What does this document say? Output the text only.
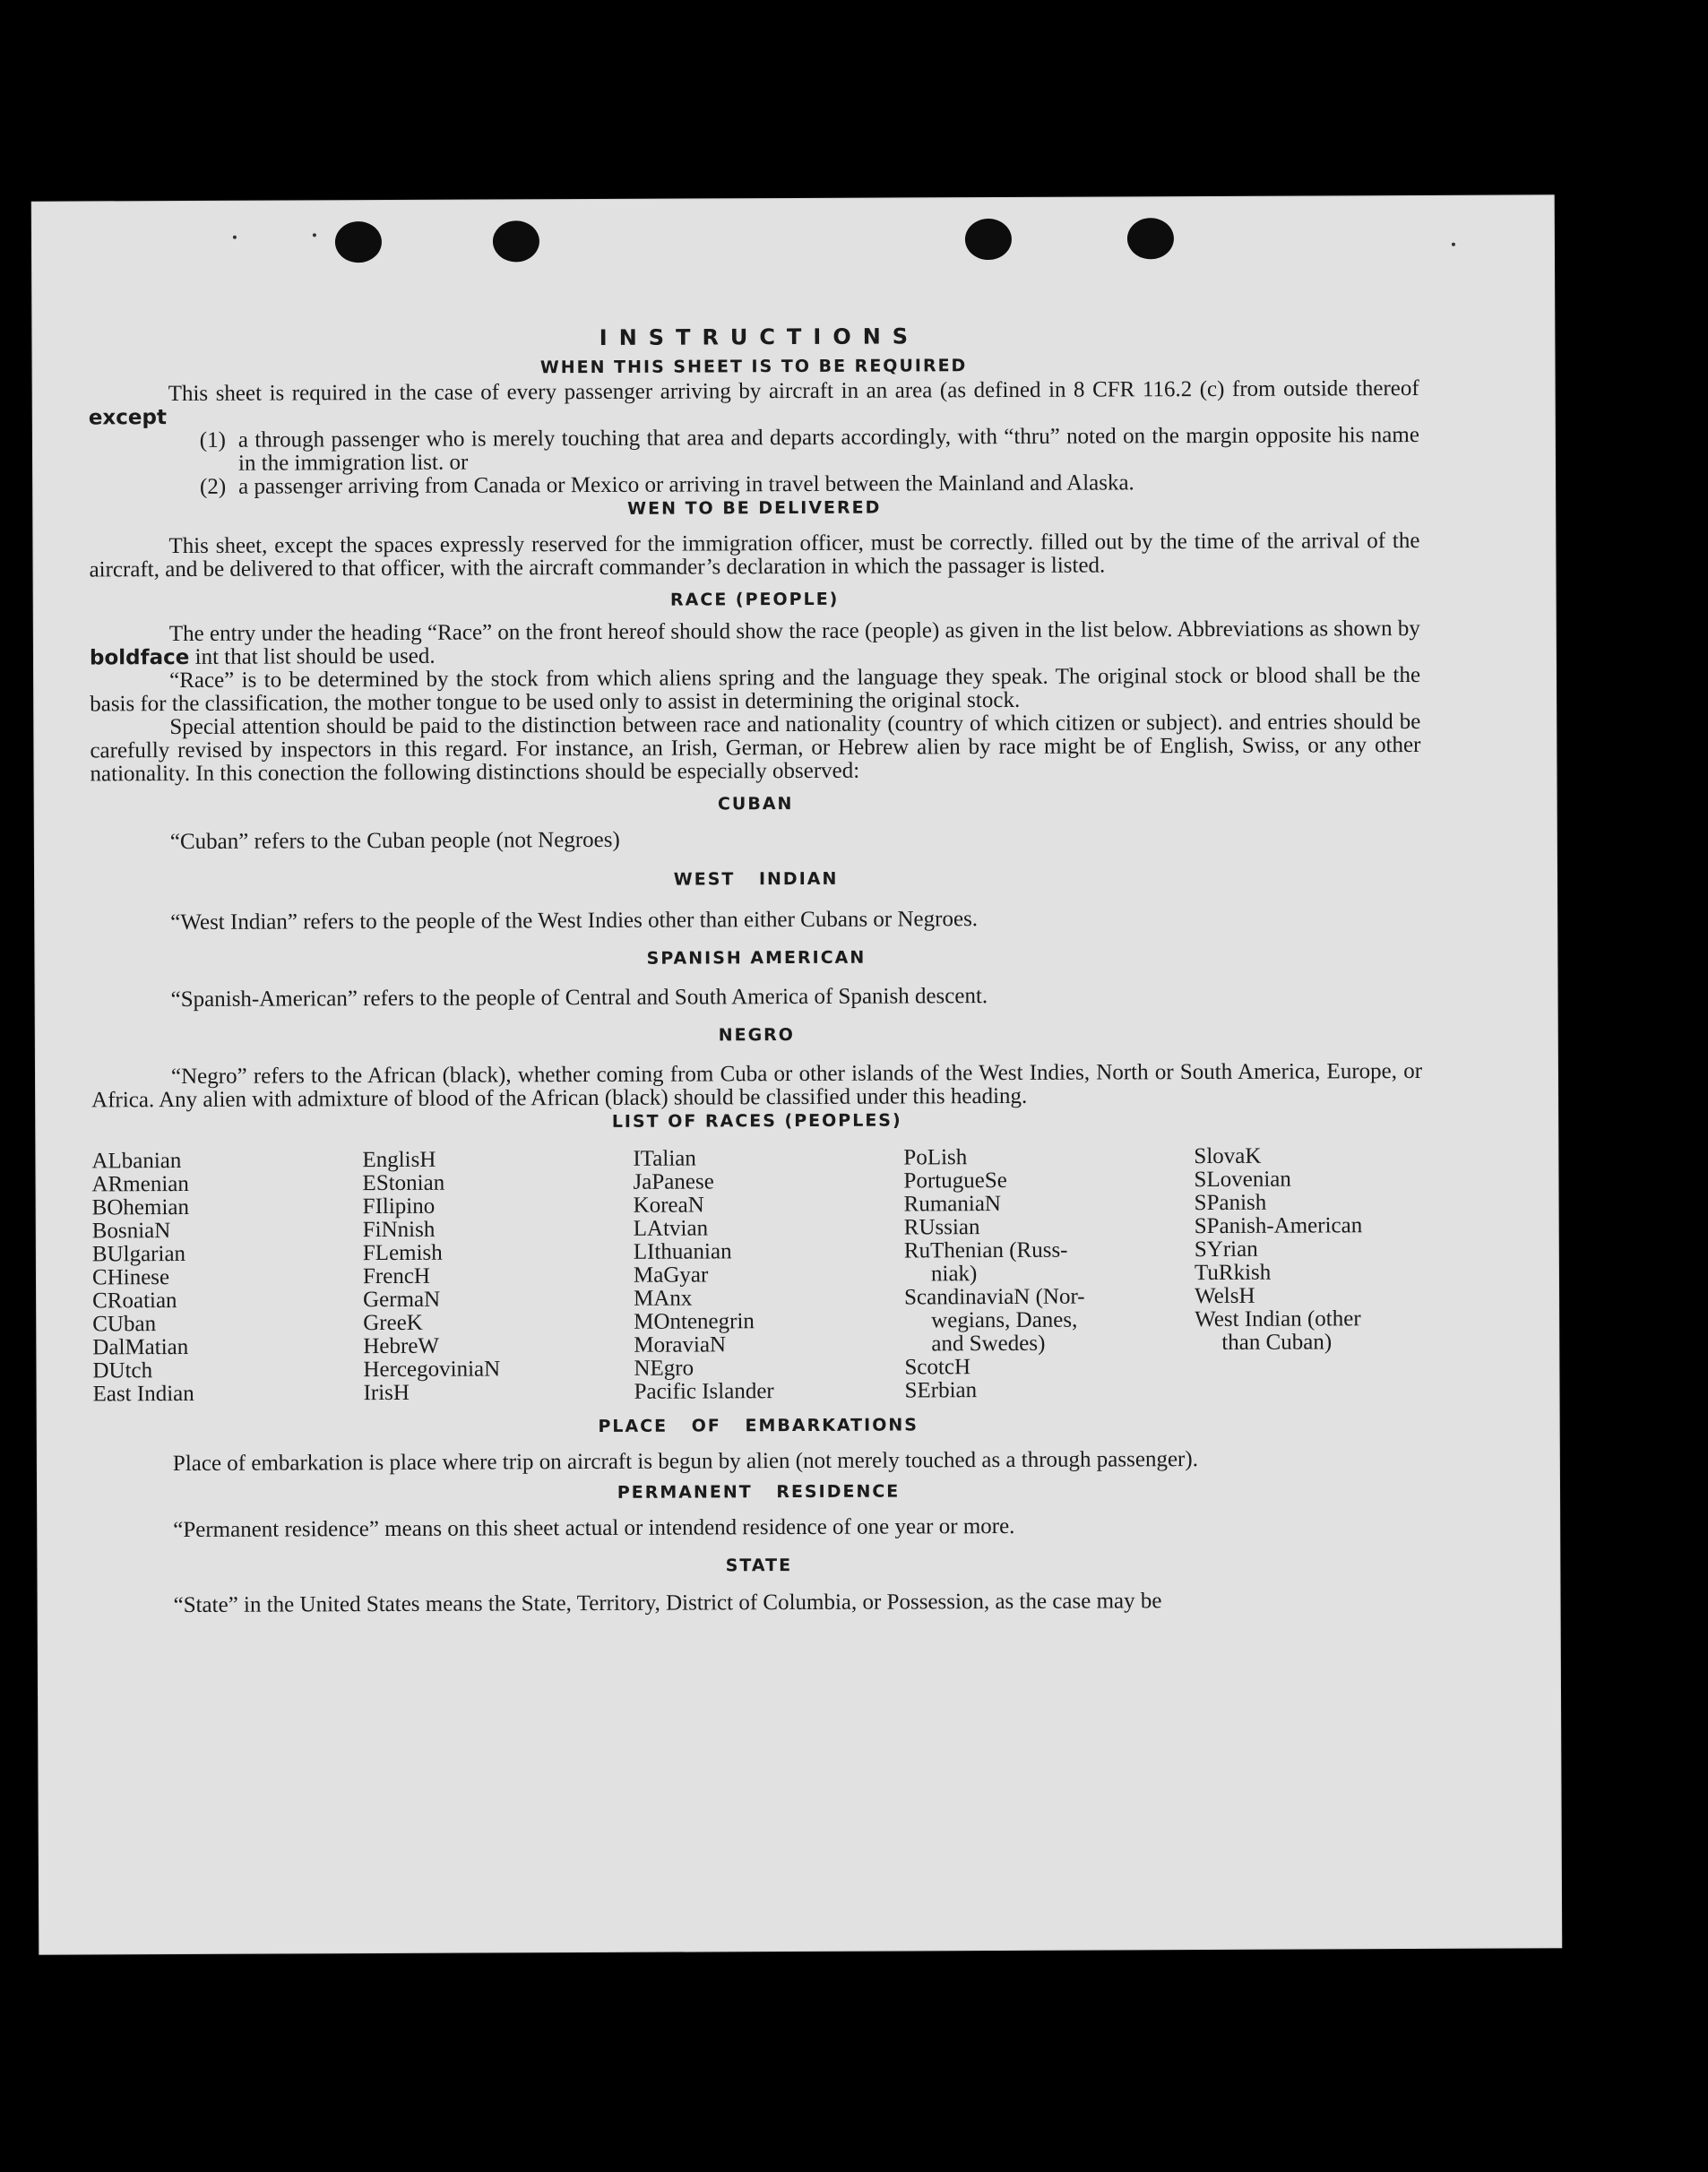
INSTRUCTIONS
WHEN THIS SHEET IS TO BE REQUIRED

This sheet is required in the case of every passenger arriving by aircraft in an area (as defined in 8 CFR 116.2 (c) from outside thereof except

(1) a through passenger who is merely touching that area and departs accordingly, with “thru” noted on the margin opposite his name in the immigration list. or
(2) a passenger arriving from Canada or Mexico or arriving in travel between the Mainland and Alaska.
WEN TO BE DELIVERED

This sheet, except the spaces expressly reserved for the immigration officer, must be correctly. filled out by the time of the arrival of the aircraft, and be delivered to that officer, with the aircraft commander’s declaration in which the passager is listed.

RACE (PEOPLE)

The entry under the heading “Race” on the front hereof should show the race (people) as given in the list below. Abbreviations as shown by boldface int that list should be used.

“Race” is to be determined by the stock from which aliens spring and the language they speak. The original stock or blood shall be the basis for the classification, the mother tongue to be used only to assist in determining the original stock.

Special attention should be paid to the distinction between race and nationality (country of which citizen or subject). and entries should be carefully revised by inspectors in this regard. For instance, an Irish, German, or Hebrew alien by race might be of English, Swiss, or any other nationality. In this conection the following distinctions should be especially observed:

CUBAN

“Cuban” refers to the Cuban people (not Negroes)

WEST INDIAN

“West Indian” refers to the people of the West Indies other than either Cubans or Negroes.

SPANISH AMERICAN

“Spanish-American” refers to the people of Central and South America of Spanish descent.

NEGRO

“Negro” refers to the African (black), whether coming from Cuba or other islands of the West Indies, North or South America, Europe, or Africa. Any alien with admixture of blood of the African (black) should be classified under this heading.

LIST OF RACES (PEOPLES)
ALbanian
ARmenian
BOhemian
BosniaN
BUlgarian
CHinese
CRoatian
CUban
DalMatian
DUtch
East Indian
EnglisH
EStonian
FIlipino
FiNnish
FLemish
FrencH
GermaN
GreeK
HebreW
HercegoviniaN
IrisH
ITalian
JaPanese
KoreaN
LAtvian
LIthuanian
MaGyar
MAnx
MOntenegrin
MoraviaN
NEgro
Pacific Islander
PoLish
PortugueSe
RumaniaN
RUssian
RuThenian (Russ-
niak)
ScandinaviaN (Nor-
wegians, Danes,
and Swedes)
ScotcH
SErbian
SlovaK
SLovenian
SPanish
SPanish-American
SYrian
TuRkish
WelsH
West Indian (other
than Cuban)
PLACE OF EMBARKATIONS

Place of embarkation is place where trip on aircraft is begun by alien (not merely touched as a through passenger).

PERMANENT RESIDENCE

“Permanent residence” means on this sheet actual or intendend residence of one year or more.

STATE

“State” in the United States means the State, Territory, District of Columbia, or Possession, as the case may be
